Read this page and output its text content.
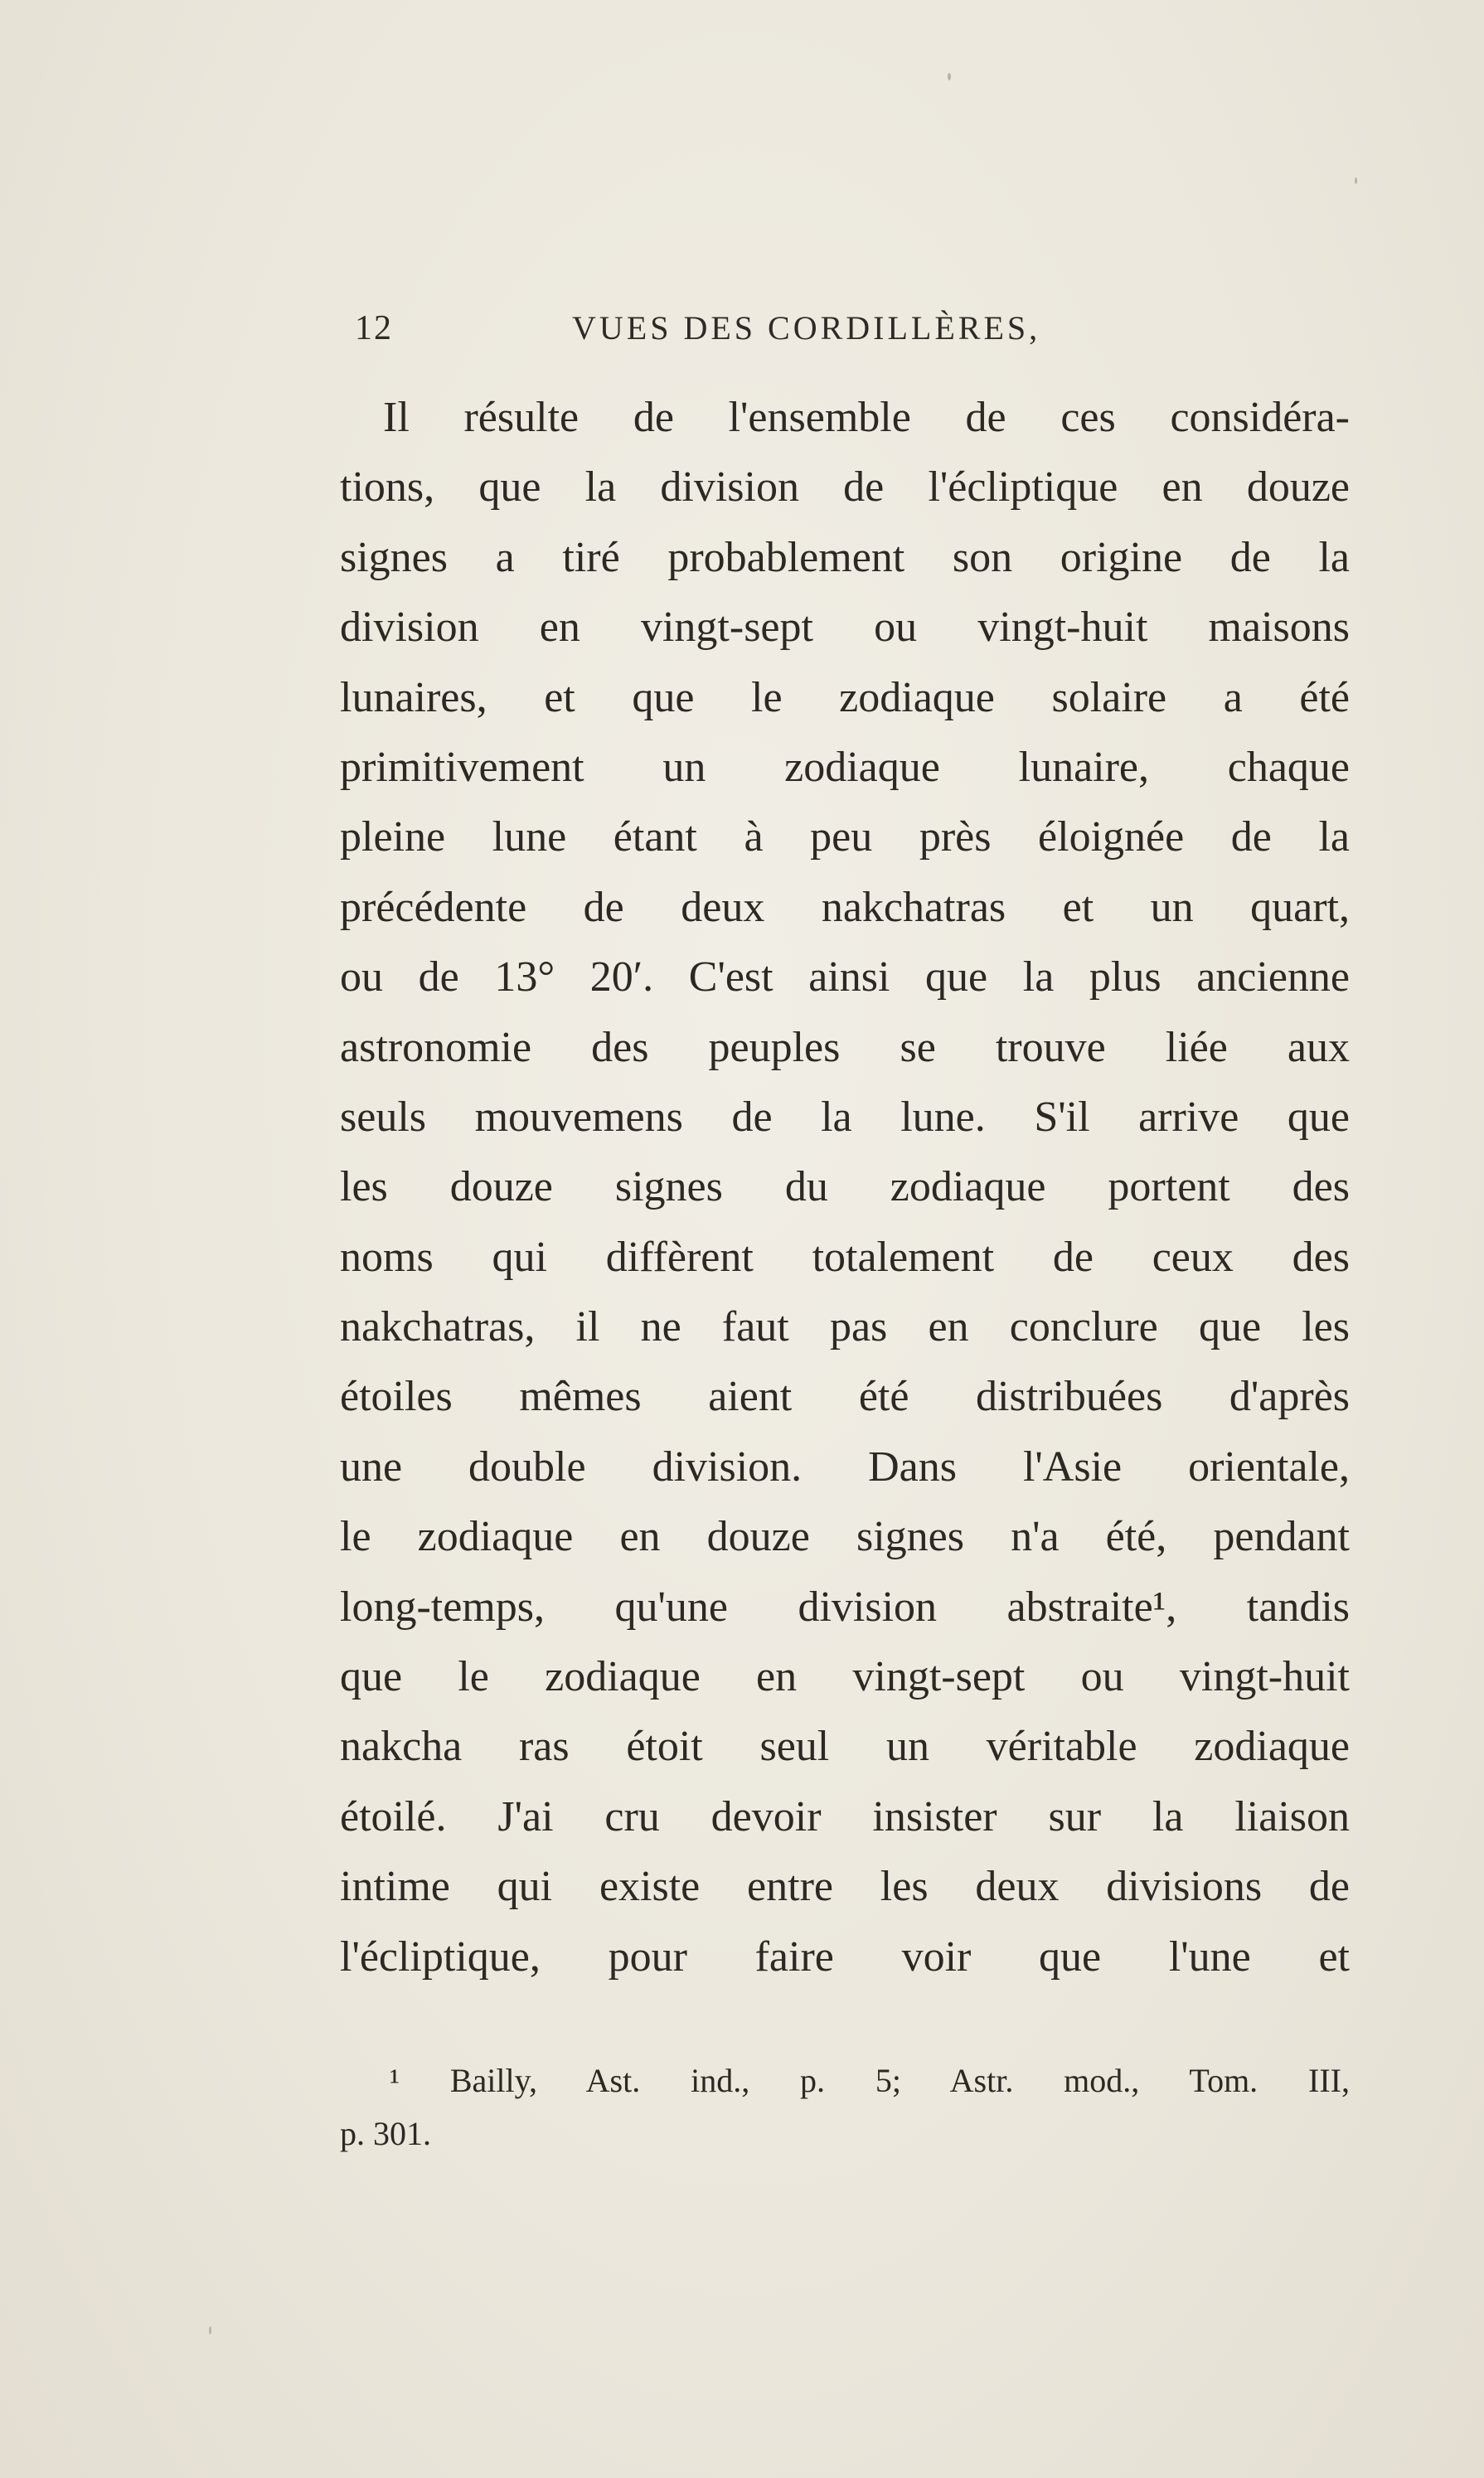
12	VUES DES CORDILLÈRES,
Il résulte de l'ensemble de ces considéra-
tions, que la division de l'écliptique en douze
signes a tiré probablement son origine de la
division en vingt-sept ou vingt-huit maisons
lunaires, et que le zodiaque solaire a été
primitivement un zodiaque lunaire, chaque
pleine lune étant à peu près éloignée de la
précédente de deux nakchatras et un quart,
ou de 13° 20′. C'est ainsi que la plus ancienne
astronomie des peuples se trouve liée aux
seuls mouvemens de la lune. S'il arrive que
les douze signes du zodiaque portent des
noms qui diffèrent totalement de ceux des
nakchatras, il ne faut pas en conclure que les
étoiles mêmes aient été distribuées d'après
une double division. Dans l'Asie orientale,
le zodiaque en douze signes n'a été, pendant
long-temps, qu'une division abstraite¹, tandis
que le zodiaque en vingt-sept ou vingt-huit
nakcha ras étoit seul un véritable zodiaque
étoilé. J'ai cru devoir insister sur la liaison
intime qui existe entre les deux divisions de
l'écliptique, pour faire voir que l'une et
¹ Bailly, Ast. ind., p. 5; Astr. mod., Tom. III,
p. 301.
